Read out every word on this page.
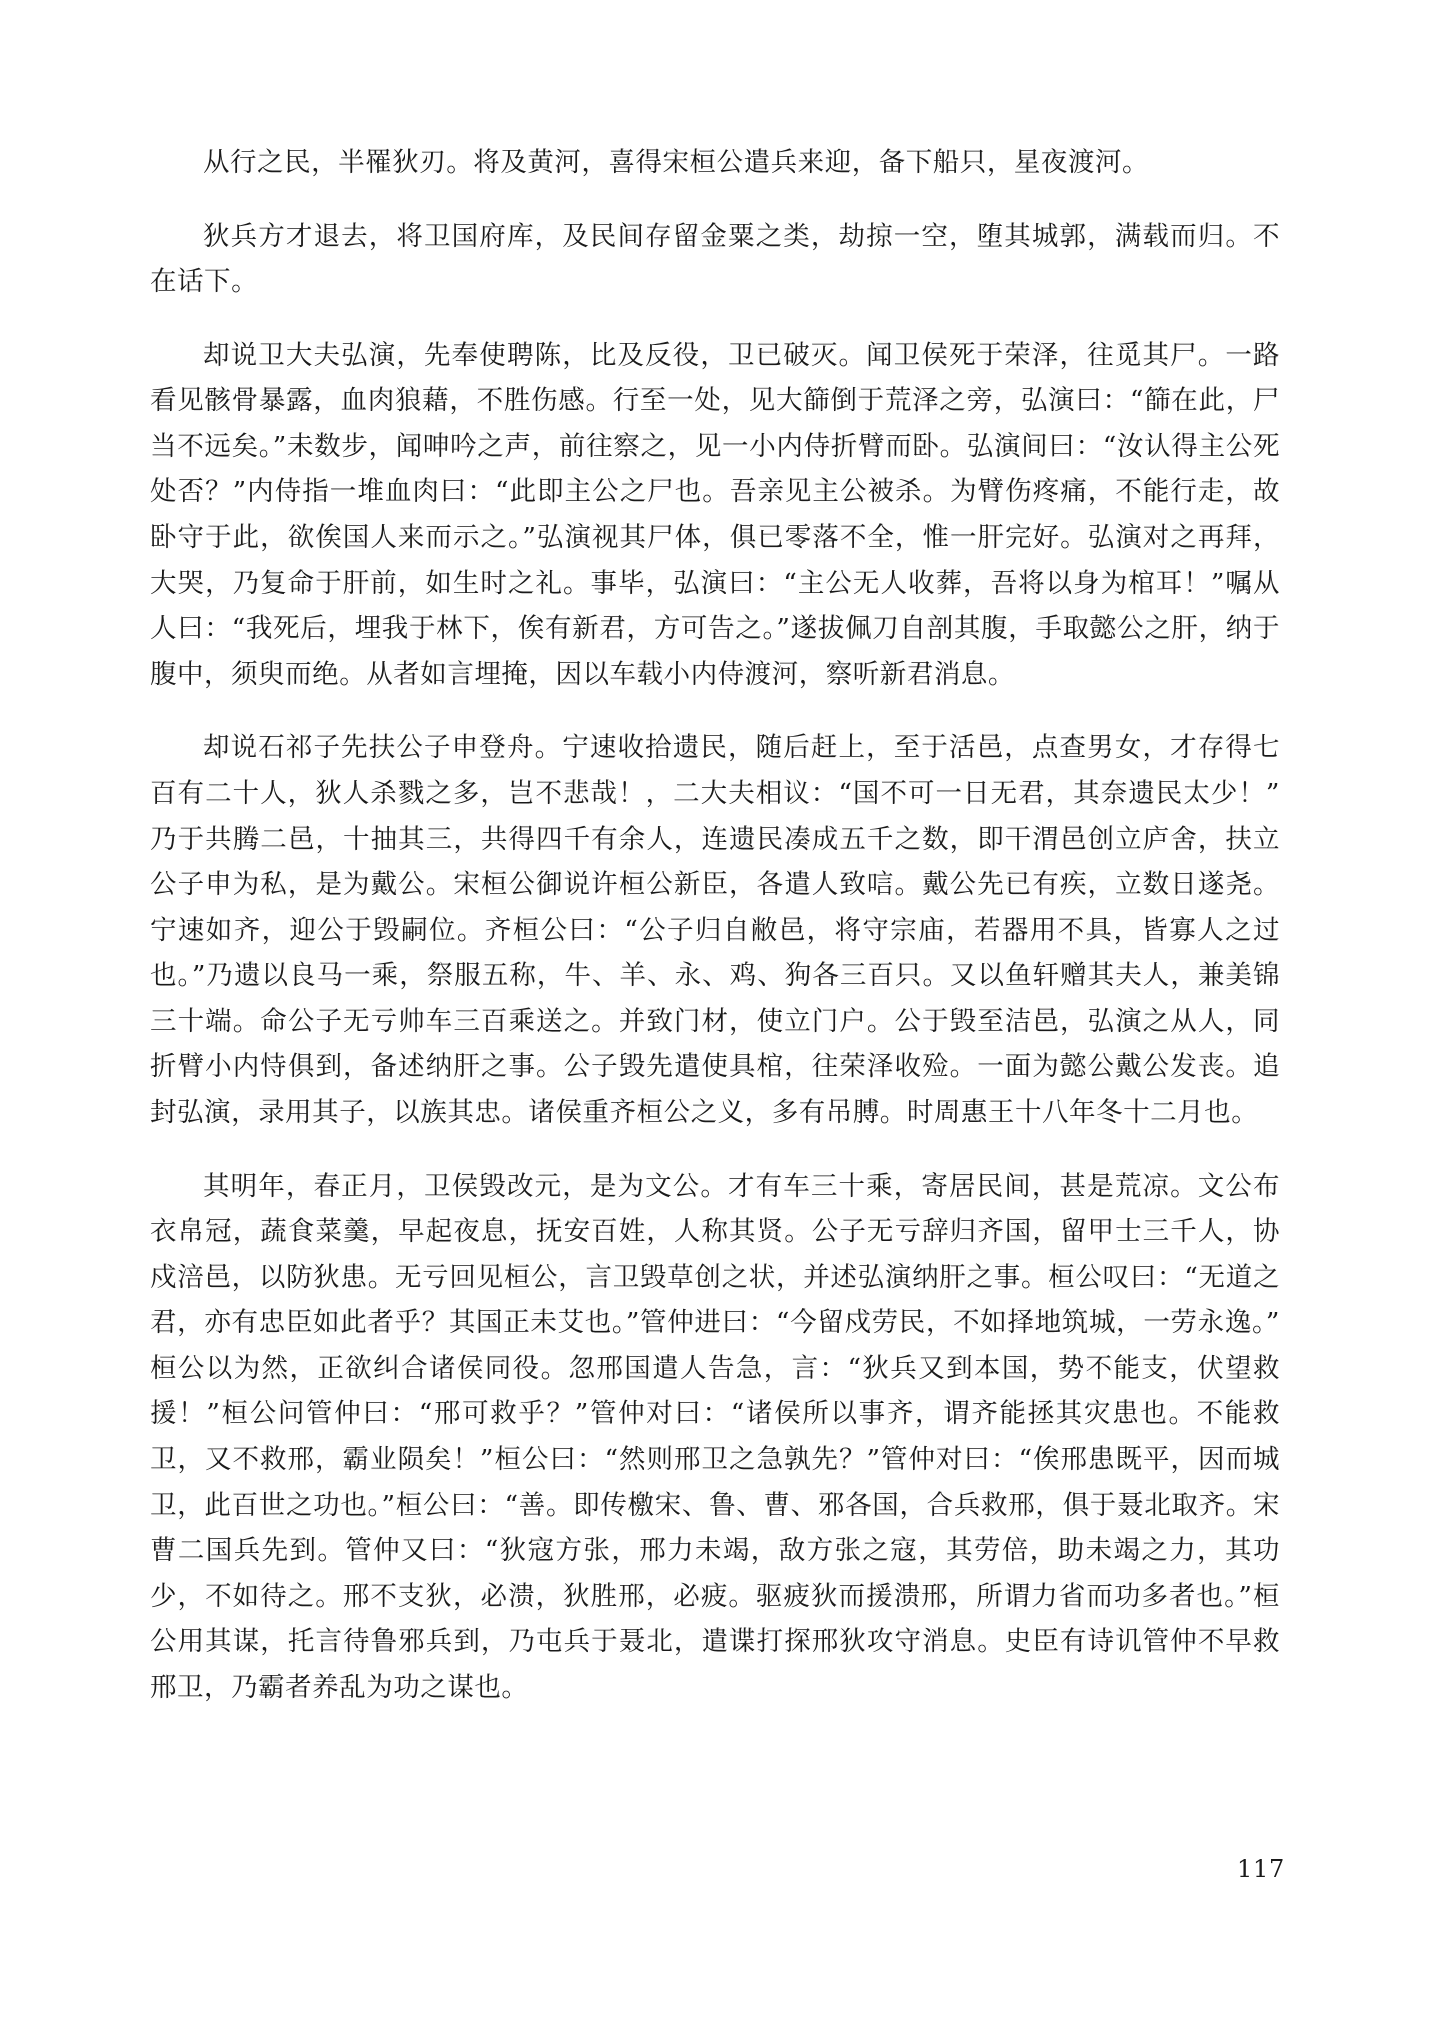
从行之民，半罹狄刃。将及黄河，喜得宋桓公遣兵来迎，备下船只，星夜渡河。

狄兵方才退去，将卫国府库，及民间存留金粟之类，劫掠一空，堕其城郭，满载而归。不在话下。

却说卫大夫弘演，先奉使聘陈，比及反役，卫已破灭。闻卫侯死于荣泽，往觅其尸。一路看见骸骨暴露，血肉狼藉，不胜伤感。行至一处，见大篩倒于荒泽之旁，弘演曰：“篩在此，尸当不远矣。”未数步，闻呻吟之声，前往察之，见一小内侍折臂而卧。弘演间曰：“汝认得主公死处否？”内侍指一堆血肉曰：“此即主公之尸也。吾亲见主公被杀。为臂伤疼痛，不能行走，故卧守于此，欲俟国人来而示之。”弘演视其尸体，俱已零落不全，惟一肝完好。弘演对之再拜，大哭，乃复命于肝前，如生时之礼。事毕，弘演曰：“主公无人收葬，吾将以身为棺耳！”嘱从人曰：“我死后，埋我于林下，俟有新君，方可告之。”遂拔佩刀自剖其腹，手取懿公之肝，纳于腹中，须臾而绝。从者如言埋掩，因以车载小内侍渡河，察听新君消息。

却说石祁子先扶公子申登舟。宁速收拾遗民，随后赶上，至于活邑，点查男女，才存得七百有二十人，狄人杀戮之多，岂不悲哉！，二大夫相议：“国不可一日无君，其奈遗民太少！”乃于共腾二邑，十抽其三，共得四千有余人，连遗民凑成五千之数，即干渭邑创立庐舍，扶立公子申为私，是为戴公。宋桓公御说许桓公新臣，各遣人致唁。戴公先已有疾，立数日遂尧。宁速如齐，迎公于毁嗣位。齐桓公曰：“公子归自敝邑，将守宗庙，若器用不具，皆寡人之过也。”乃遗以良马一乘，祭服五称，牛、羊、永、鸡、狗各三百只。又以鱼轩赠其夫人，兼美锦三十端。命公子无亏帅车三百乘送之。并致门材，使立门户。公于毁至洁邑，弘演之从人，同折臂小内恃俱到，备述纳肝之事。公子毁先遣使具棺，往荣泽收殓。一面为懿公戴公发丧。追封弘演，录用其子，以族其忠。诸侯重齐桓公之义，多有吊膊。时周惠王十八年冬十二月也。

其明年，春正月，卫侯毁改元，是为文公。才有车三十乘，寄居民间，甚是荒凉。文公布衣帛冠，蔬食菜羹，早起夜息，抚安百姓，人称其贤。公子无亏辞归齐国，留甲士三千人，协戍涪邑，以防狄患。无亏回见桓公，言卫毁草创之状，并述弘演纳肝之事。桓公叹曰：“无道之君，亦有忠臣如此者乎？其国正未艾也。”管仲进曰：“今留戍劳民，不如择地筑城，一劳永逸。”桓公以为然，正欲纠合诸侯同役。忽邢国遣人告急，言：“狄兵又到本国，势不能支，伏望救援！”桓公问管仲曰：“邢可救乎？”管仲对曰：“诸侯所以事齐，谓齐能拯其灾患也。不能救卫，又不救邢，霸业陨矣！”桓公曰：“然则邢卫之急孰先？”管仲对曰：“俟邢患既平，因而城卫，此百世之功也。”桓公曰：“善。即传檄宋、鲁、曹、邪各国，合兵救邢，俱于聂北取齐。宋曹二国兵先到。管仲又曰：“狄寇方张，邢力未竭，敌方张之寇，其劳倍，助未竭之力，其功少，不如待之。邢不支狄，必溃，狄胜邢，必疲。驱疲狄而援溃邢，所谓力省而功多者也。”桓公用其谋，托言待鲁邪兵到，乃屯兵于聂北，遣谍打探邢狄攻守消息。史臣有诗讥管仲不早救邢卫，乃霸者养乱为功之谋也。

117
